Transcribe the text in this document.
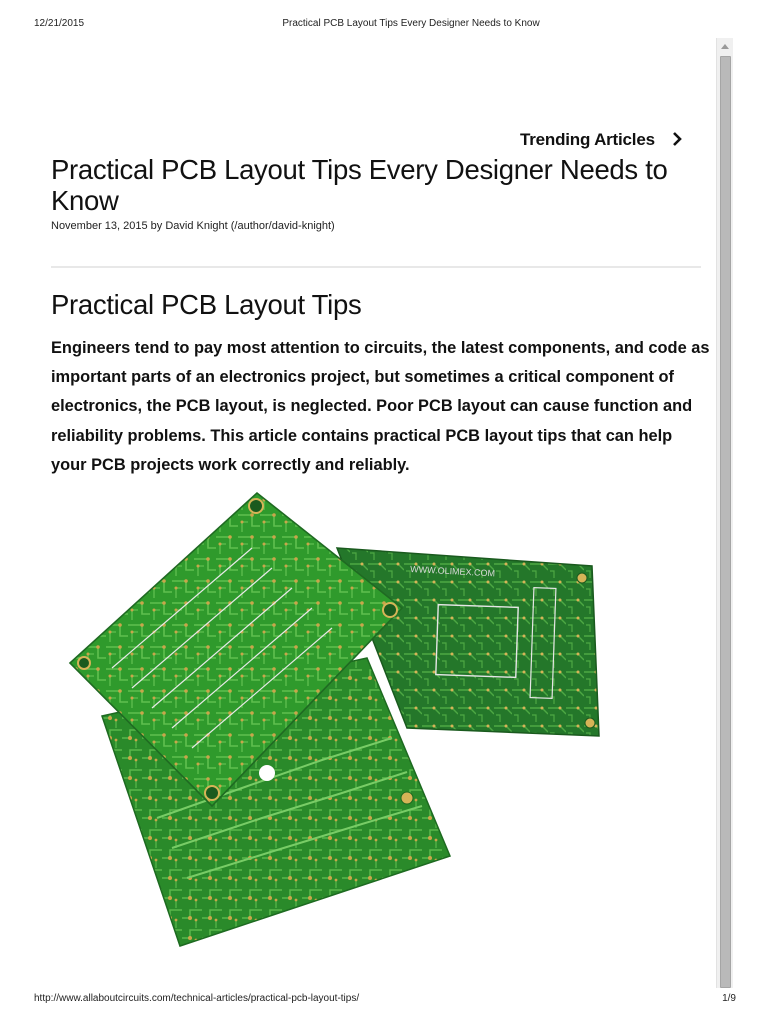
12/21/2015	Practical PCB Layout Tips Every Designer Needs to Know
Trending Articles
Practical PCB Layout Tips Every Designer Needs to Know
November 13, 2015 by David Knight (/author/david-knight)
Practical PCB Layout Tips

Engineers tend to pay most attention to circuits, the latest components, and code as important parts of an electronics project, but sometimes a critical component of electronics, the PCB layout, is neglected. Poor PCB layout can cause function and reliability problems. This article contains practical PCB layout tips that can help your PCB projects work correctly and reliably.

WWW.OLIMEX.COM
http://www.allaboutcircuits.com/technical-articles/practical-pcb-layout-tips/	1/9
